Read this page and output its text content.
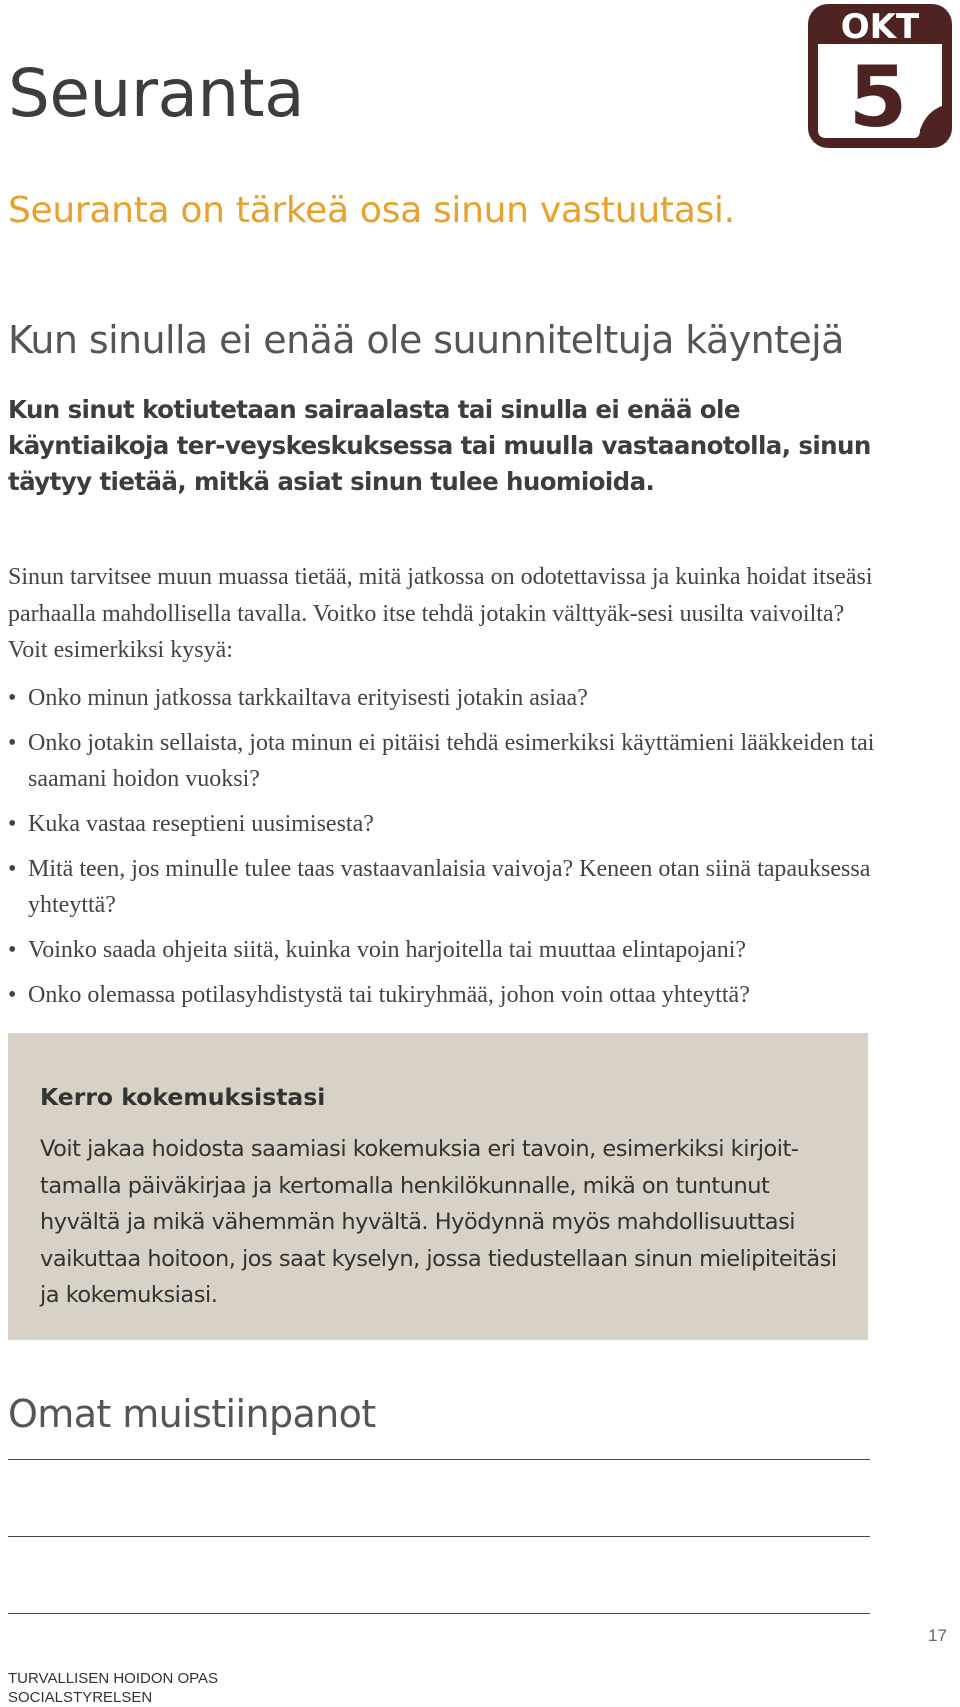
Seuranta
OKT
5
Seuranta on tärkeä osa sinun vastuutasi.
Kun sinulla ei enää ole suunniteltuja käyntejä

Kun sinut kotiutetaan sairaalasta tai sinulla ei enää ole käyntiaikoja ter-veyskeskuksessa tai muulla vastaanotolla, sinun täytyy tietää, mitkä asiat sinun tulee huomioida.

Sinun tarvitsee muun muassa tietää, mitä jatkossa on odotettavissa ja kuinka hoidat itseäsi parhaalla mahdollisella tavalla. Voitko itse tehdä jotakin välttyäk-sesi uusilta vaivoilta? Voit esimerkiksi kysyä:

• Onko minun jatkossa tarkkailtava erityisesti jotakin asiaa?
• Onko jotakin sellaista, jota minun ei pitäisi tehdä esimerkiksi käyttämieni lääkkeiden tai saamani hoidon vuoksi?
• Kuka vastaa reseptieni uusimisesta?
• Mitä teen, jos minulle tulee taas vastaavanlaisia vaivoja? Keneen otan siinä tapauksessa yhteyttä?
• Voinko saada ohjeita siitä, kuinka voin harjoitella tai muuttaa elintapojani?
• Onko olemassa potilasyhdistystä tai tukiryhmää, johon voin ottaa yhteyttä?
Kerro kokemuksistasi

Voit jakaa hoidosta saamiasi kokemuksia eri tavoin, esimerkiksi kirjoit-tamalla päiväkirjaa ja kertomalla henkilökunnalle, mikä on tuntunut hyvältä ja mikä vähemmän hyvältä. Hyödynnä myös mahdollisuuttasi vaikuttaa hoitoon, jos saat kyselyn, jossa tiedustellaan sinun mielipiteitäsi ja kokemuksiasi.

Omat muistiinpanot
17
TURVALLISEN HOIDON OPAS
SOCIALSTYRELSEN
